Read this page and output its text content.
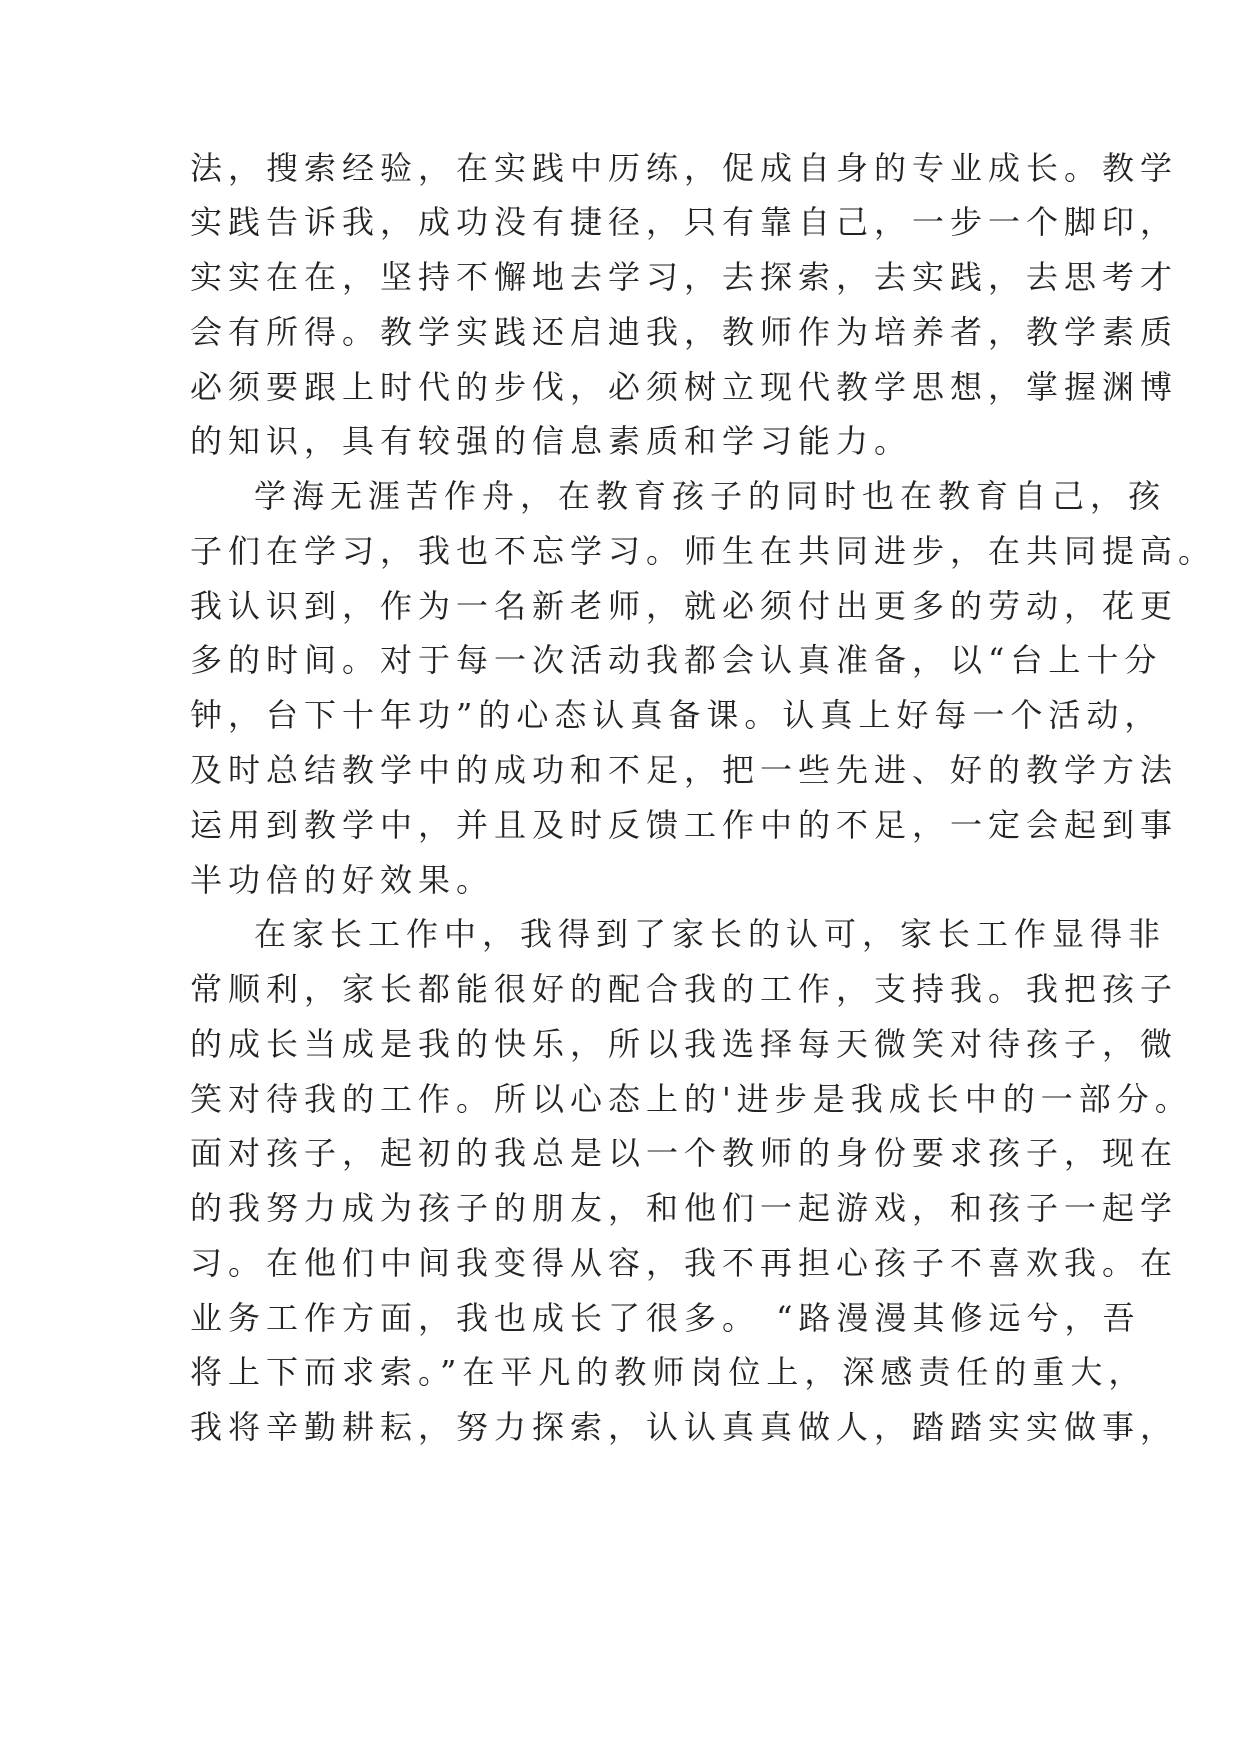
法，搜索经验，在实践中历练，促成自身的专业成长。教学
实践告诉我，成功没有捷径，只有靠自己，一步一个脚印，
实实在在，坚持不懈地去学习，去探索，去实践，去思考才
会有所得。教学实践还启迪我，教师作为培养者，教学素质
必须要跟上时代的步伐，必须树立现代教学思想，掌握渊博
的知识，具有较强的信息素质和学习能力。
学海无涯苦作舟，在教育孩子的同时也在教育自己，孩
子们在学习，我也不忘学习。师生在共同进步，在共同提高。
我认识到，作为一名新老师，就必须付出更多的劳动，花更
多的时间。对于每一次活动我都会认真准备，以“台上十分
钟，台下十年功”的心态认真备课。认真上好每一个活动，
及时总结教学中的成功和不足，把一些先进、好的教学方法
运用到教学中，并且及时反馈工作中的不足，一定会起到事
半功倍的好效果。
在家长工作中，我得到了家长的认可，家长工作显得非
常顺利，家长都能很好的配合我的工作，支持我。我把孩子
的成长当成是我的快乐，所以我选择每天微笑对待孩子，微
笑对待我的工作。所以心态上的'进步是我成长中的一部分。
面对孩子，起初的我总是以一个教师的身份要求孩子，现在
的我努力成为孩子的朋友，和他们一起游戏，和孩子一起学
习。在他们中间我变得从容，我不再担心孩子不喜欢我。在
业务工作方面，我也成长了很多。 “路漫漫其修远兮，吾
将上下而求索。”在平凡的教师岗位上，深感责任的重大，
我将辛勤耕耘，努力探索，认认真真做人，踏踏实实做事，
